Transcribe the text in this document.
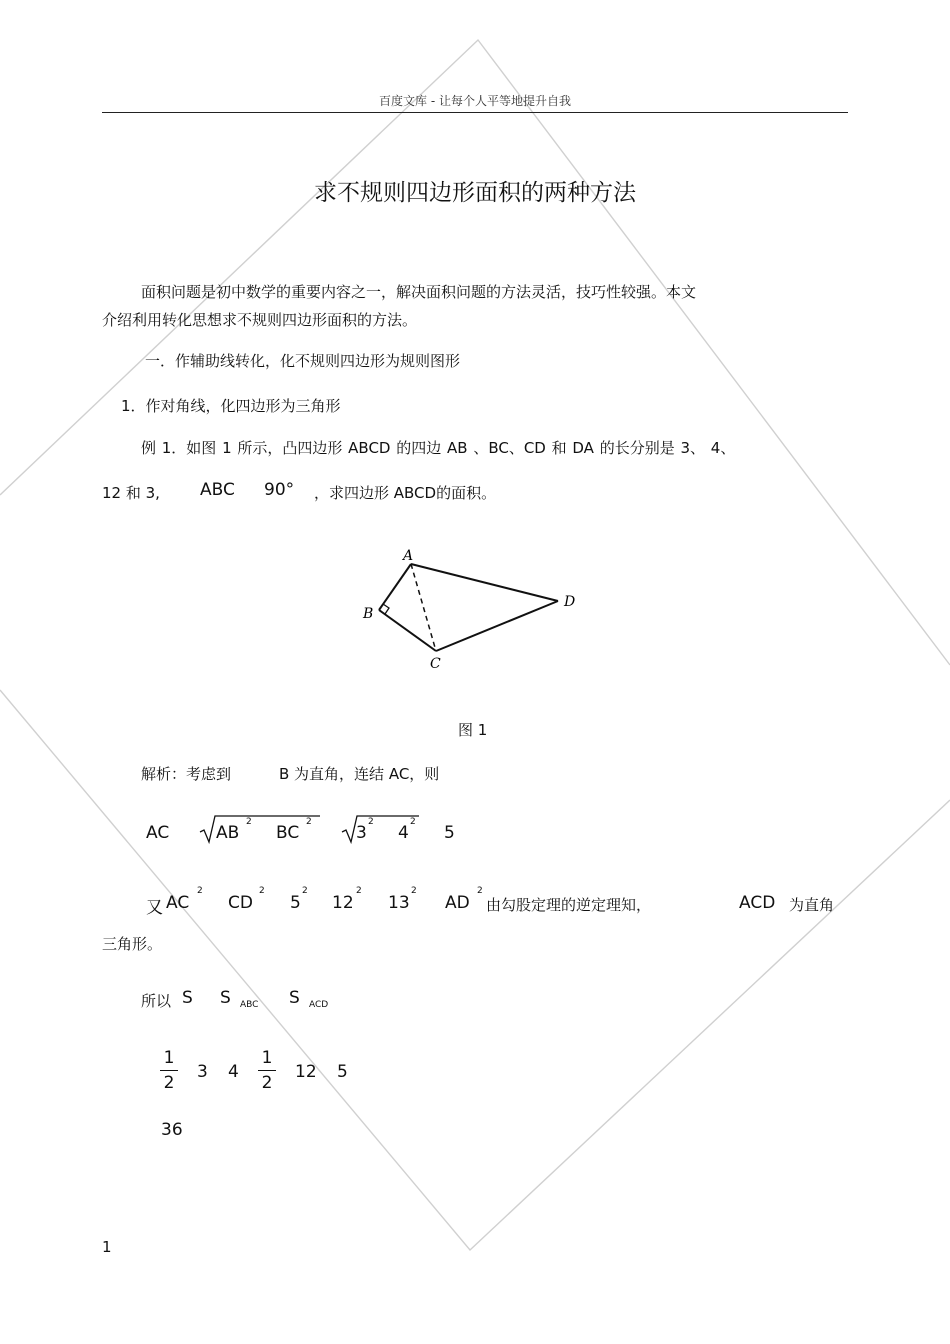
百度文库 - 让每个人平等地提升自我
求不规则四边形面积的两种方法
面积问题是初中数学的重要内容之一，解决面积问题的方法灵活，技巧性较强。本文
介绍利用转化思想求不规则四边形面积的方法。
一．作辅助线转化，化不规则四边形为规则图形
1．作对角线，化四边形为三角形
例 1．如图 1 所示，凸四边形 ABCD 的四边 AB 、BC、CD 和 DA 的长分别是 3、 4、
12 和 3, ABC 90° ，求四边形 ABCD的面积。
A
B
C
D
图 1
解析：考虑到	B 为直角，连结 AC，则
AC	AB
2
BC
2
3
2
4
2
5
又 AC
2
CD
2
5
2
12
2
13
2
AD
2
由勾股定理的逆定理知，	ACD 为直角
三角形。
所以 S S ABC S ACD
1
2
3 4
1
2
12 5
36
1
